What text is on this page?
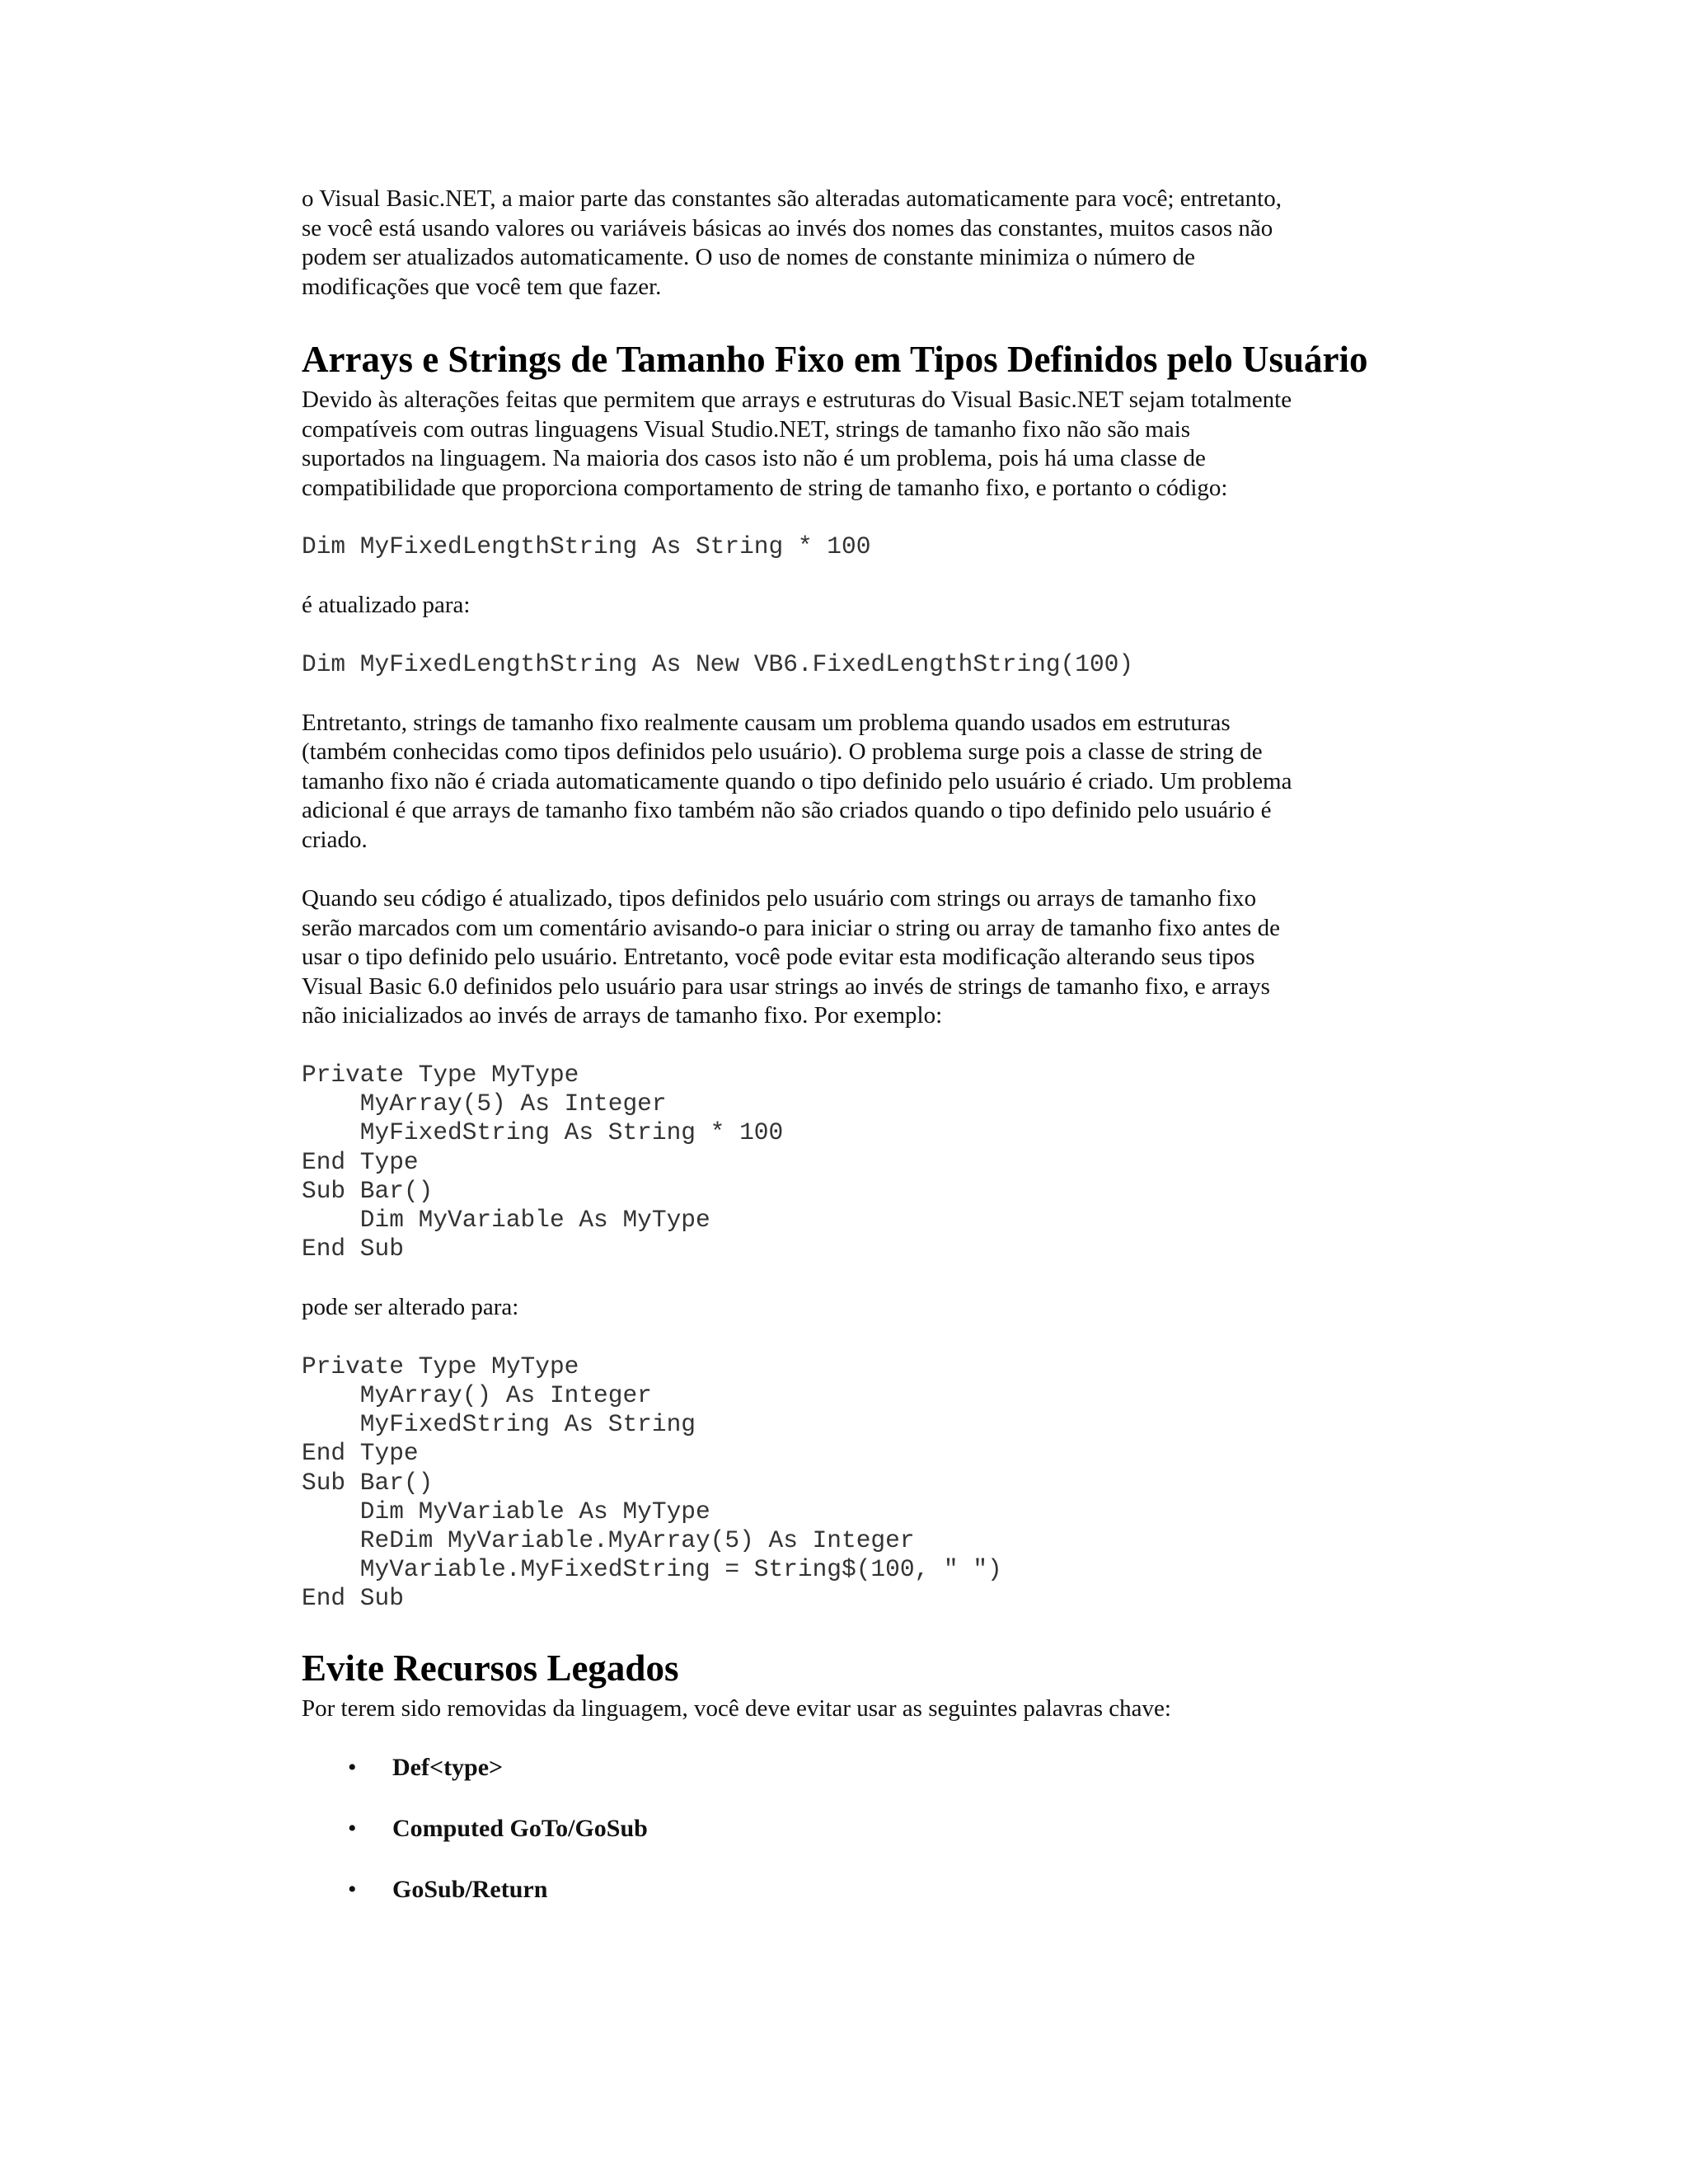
o Visual Basic.NET, a maior parte das constantes são alteradas automaticamente para você; entretanto,
se você está usando valores ou variáveis básicas ao invés dos nomes das constantes, muitos casos não
podem ser atualizados automaticamente. O uso de nomes de constante minimiza o número de
modificações que você tem que fazer.

Arrays e Strings de Tamanho Fixo em Tipos Definidos pelo Usuário

Devido às alterações feitas que permitem que arrays e estruturas do Visual Basic.NET sejam totalmente
compatíveis com outras linguagens Visual Studio.NET, strings de tamanho fixo não são mais
suportados na linguagem. Na maioria dos casos isto não é um problema, pois há uma classe de
compatibilidade que proporciona comportamento de string de tamanho fixo, e portanto o código:

Dim MyFixedLengthString As String * 100

é atualizado para:

Dim MyFixedLengthString As New VB6.FixedLengthString(100)

Entretanto, strings de tamanho fixo realmente causam um problema quando usados em estruturas
(também conhecidas como tipos definidos pelo usuário). O problema surge pois a classe de string de
tamanho fixo não é criada automaticamente quando o tipo definido pelo usuário é criado. Um problema
adicional é que arrays de tamanho fixo também não são criados quando o tipo definido pelo usuário é
criado.

Quando seu código é atualizado, tipos definidos pelo usuário com strings ou arrays de tamanho fixo
serão marcados com um comentário avisando-o para iniciar o string ou array de tamanho fixo antes de
usar o tipo definido pelo usuário. Entretanto, você pode evitar esta modificação alterando seus tipos
Visual Basic 6.0 definidos pelo usuário para usar strings ao invés de strings de tamanho fixo, e arrays
não inicializados ao invés de arrays de tamanho fixo. Por exemplo:

Private Type MyType
MyArray(5) As Integer
MyFixedString As String * 100
End Type
Sub Bar()
Dim MyVariable As MyType
End Sub

pode ser alterado para:

Private Type MyType
MyArray() As Integer
MyFixedString As String
End Type
Sub Bar()
Dim MyVariable As MyType
ReDim MyVariable.MyArray(5) As Integer
MyVariable.MyFixedString = String$(100, " ")
End Sub
Evite Recursos Legados

Por terem sido removidas da linguagem, você deve evitar usar as seguintes palavras chave:

• Def<type>
• Computed GoTo/GoSub
• GoSub/Return
